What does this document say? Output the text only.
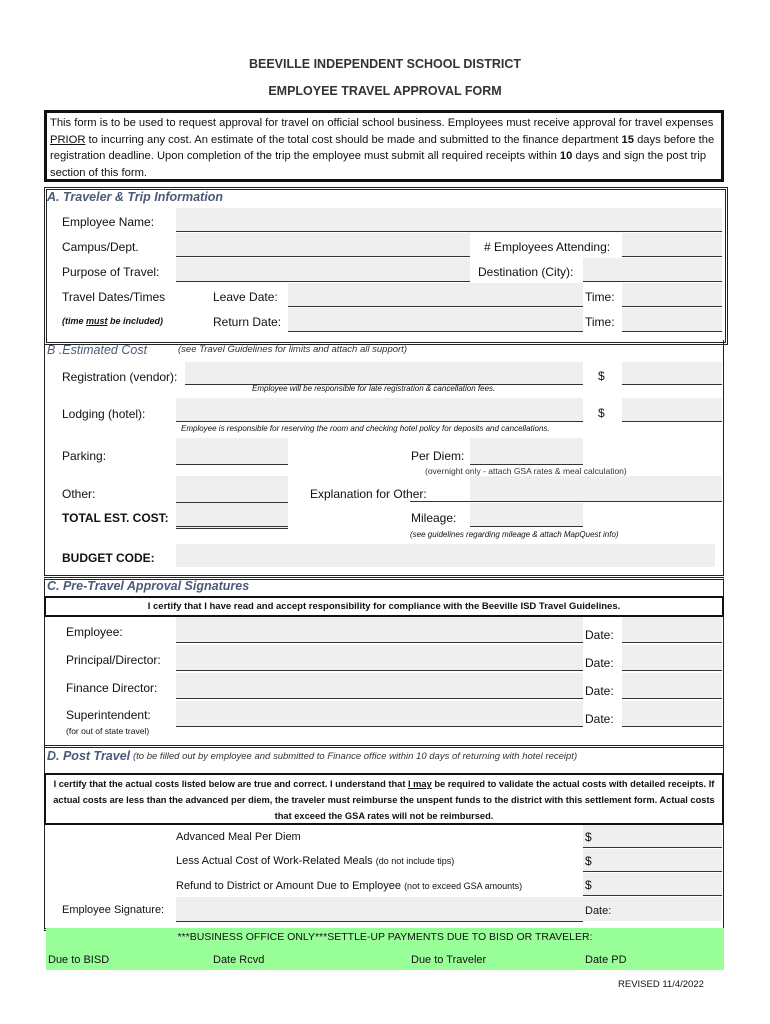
BEEVILLE INDEPENDENT SCHOOL DISTRICT
EMPLOYEE TRAVEL APPROVAL FORM
This form is to be used to request approval for travel on official school business. Employees must receive approval for travel expenses PRIOR to incurring any cost. An estimate of the total cost should be made and submitted to the finance department 15 days before the registration deadline. Upon completion of the trip the employee must submit all required receipts within 10 days and sign the post trip section of this form.
A. Traveler & Trip Information
Employee Name:
Campus/Dept.	# Employees Attending:
Purpose of Travel:	Destination (City):
Travel Dates/Times	Leave Date:	Time:
(time must be included)	Return Date:	Time:
B .Estimated Cost	(see Travel Guidelines for limits and attach all support)
Registration (vendor):	$
Employee will be responsible for late registration & cancellation fees.
Lodging (hotel):	$
Employee is responsible for reserving the room and checking hotel policy for deposits and cancellations.
Parking:	Per Diem:
(overnight only - attach GSA rates & meal calculation)
Other:	Explanation for Other:
TOTAL EST. COST:	Mileage:
(see guidelines regarding mileage & attach MapQuest info)
BUDGET CODE:
C. Pre-Travel Approval Signatures
I certify that I have read and accept responsibility for compliance with the Beeville ISD Travel Guidelines.
Employee:	Date:
Principal/Director:	Date:
Finance Director:	Date:
Superintendent:	Date:
(for out of state travel)
D. Post Travel (to be filled out by employee and submitted to Finance office within 10 days of returning with hotel receipt)
I certify that the actual costs listed below are true and correct. I understand that I may be required to validate the actual costs with detailed receipts. If actual costs are less than the advanced per diem, the traveler must reimburse the unspent funds to the district with this settlement form. Actual costs that exceed the GSA rates will not be reimbursed.
Advanced Meal Per Diem	$
Less Actual Cost of Work-Related Meals (do not include tips)	$
Refund to District or Amount Due to Employee (not to exceed GSA amounts)	$
Employee Signature:	Date:
***BUSINESS OFFICE ONLY***SETTLE-UP PAYMENTS DUE TO BISD OR TRAVELER:
Due to BISD	Date Rcvd	Due to Traveler	Date PD
REVISED 11/4/2022
